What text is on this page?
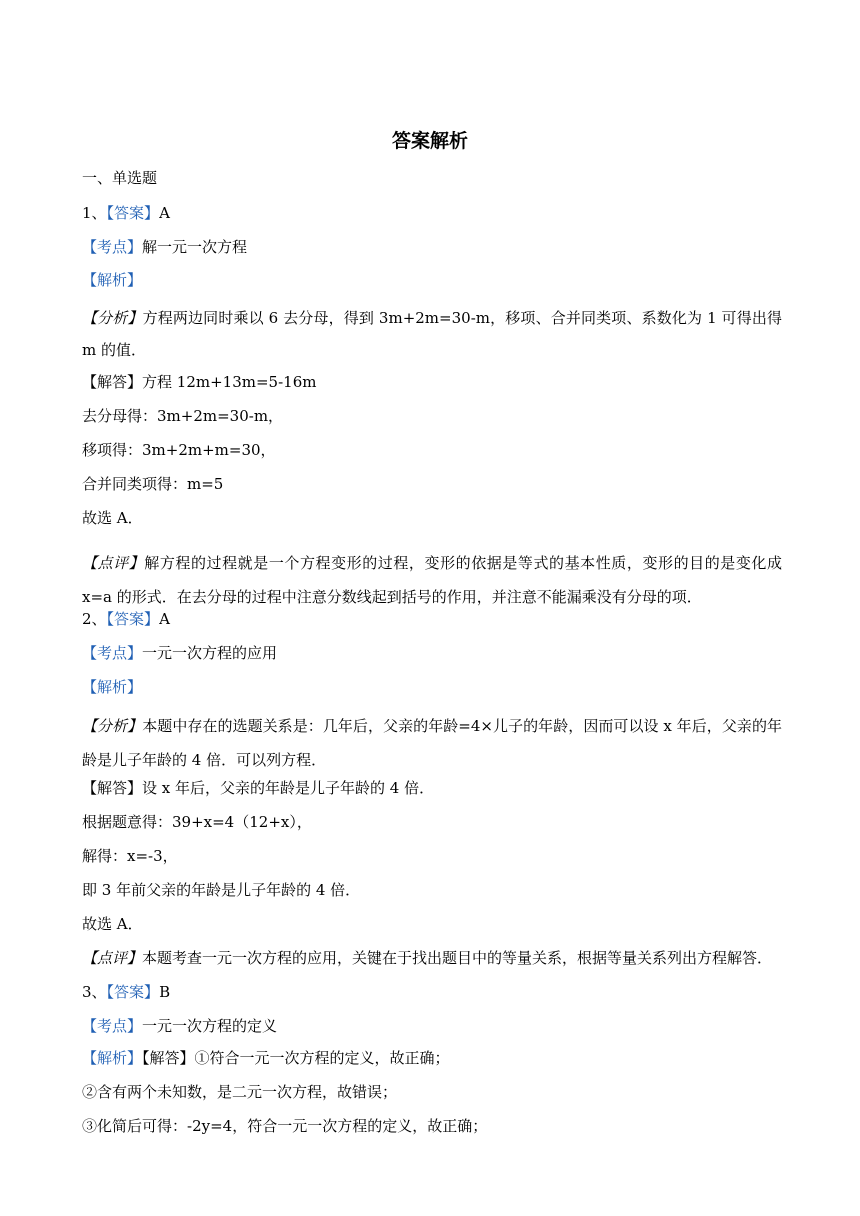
答案解析
一、单选题
1、【答案】A
【考点】解一元一次方程
【解析】
【分析】方程两边同时乘以 6 去分母，得到 3m+2m=30-m，移项、合并同类项、系数化为 1 可得出得 m 的值．
【解答】方程 12m+13m=5-16m
去分母得：3m+2m=30-m，
移项得：3m+2m+m=30，
合并同类项得：m=5
故选 A．

【点评】解方程的过程就是一个方程变形的过程，变形的依据是等式的基本性质，变形的目的是变化成 x=a 的形式．在去分母的过程中注意分数线起到括号的作用，并注意不能漏乘没有分母的项．
2、【答案】A
【考点】一元一次方程的应用
【解析】
【分析】本题中存在的选题关系是：几年后，父亲的年龄=4×儿子的年龄，因而可以设 x 年后，父亲的年龄是儿子年龄的 4 倍．可以列方程．
【解答】设 x 年后，父亲的年龄是儿子年龄的 4 倍．
根据题意得：39+x=4（12+x），
解得：x=-3，
即 3 年前父亲的年龄是儿子年龄的 4 倍．
故选 A．
【点评】本题考查一元一次方程的应用，关键在于找出题目中的等量关系，根据等量关系列出方程解答．
3、【答案】B
【考点】一元一次方程的定义
【解析】【解答】①符合一元一次方程的定义，故正确；
②含有两个未知数，是二元一次方程，故错误；
③化简后可得：-2y=4，符合一元一次方程的定义，故正确；
